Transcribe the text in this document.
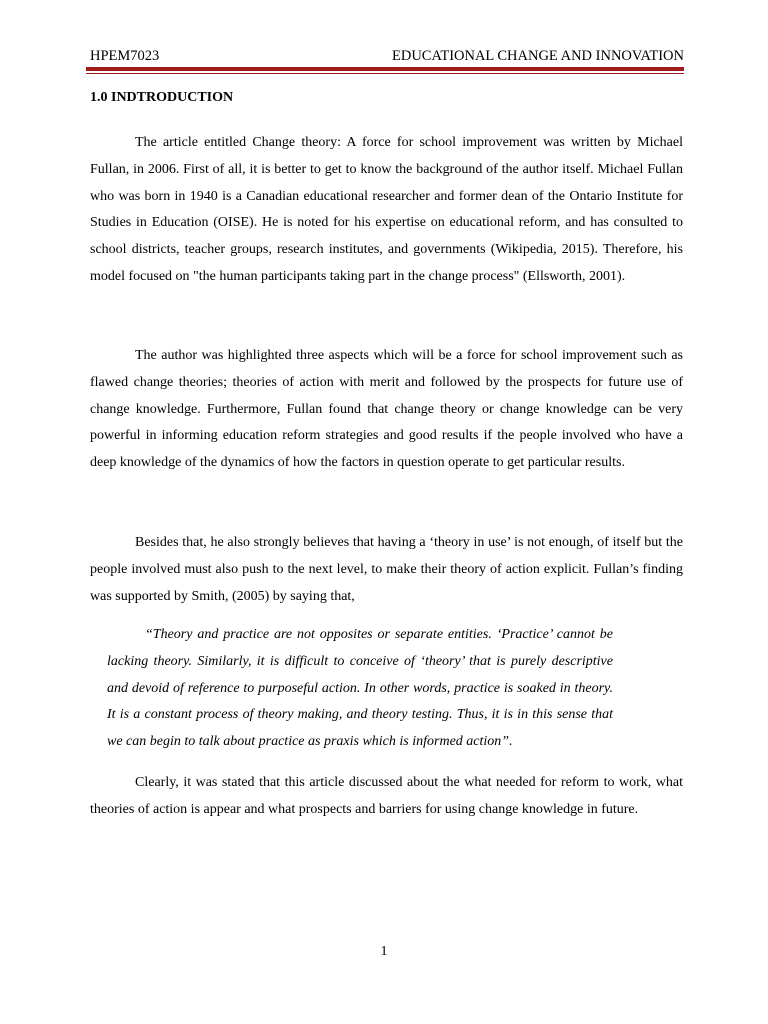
HPEM7023	EDUCATIONAL CHANGE AND INNOVATION
1.0 INDTRODUCTION

The article entitled Change theory: A force for school improvement was written by Michael Fullan, in 2006. First of all, it is better to get to know the background of the author itself. Michael Fullan who was born in 1940 is a Canadian educational researcher and former dean of the Ontario Institute for Studies in Education (OISE). He is noted for his expertise on educational reform, and has consulted to school districts, teacher groups, research institutes, and governments (Wikipedia, 2015). Therefore, his model focused on "the human participants taking part in the change process" (Ellsworth, 2001).

The author was highlighted three aspects which will be a force for school improvement such as flawed change theories; theories of action with merit and followed by the prospects for future use of change knowledge. Furthermore, Fullan found that change theory or change knowledge can be very powerful in informing education reform strategies and good results if the people involved who have a deep knowledge of the dynamics of how the factors in question operate to get particular results.

Besides that, he also strongly believes that having a ‘theory in use’ is not enough, of itself but the people involved must also push to the next level, to make their theory of action explicit. Fullan’s finding was supported by Smith, (2005) by saying that,

“Theory and practice are not opposites or separate entities. ‘Practice’ cannot be lacking theory. Similarly, it is difficult to conceive of ‘theory’ that is purely descriptive and devoid of reference to purposeful action. In other words, practice is soaked in theory. It is a constant process of theory making, and theory testing. Thus, it is in this sense that we can begin to talk about practice as praxis which is informed action”.

Clearly, it was stated that this article discussed about the what needed for reform to work, what theories of action is appear and what prospects and barriers for using change knowledge in future.

1
